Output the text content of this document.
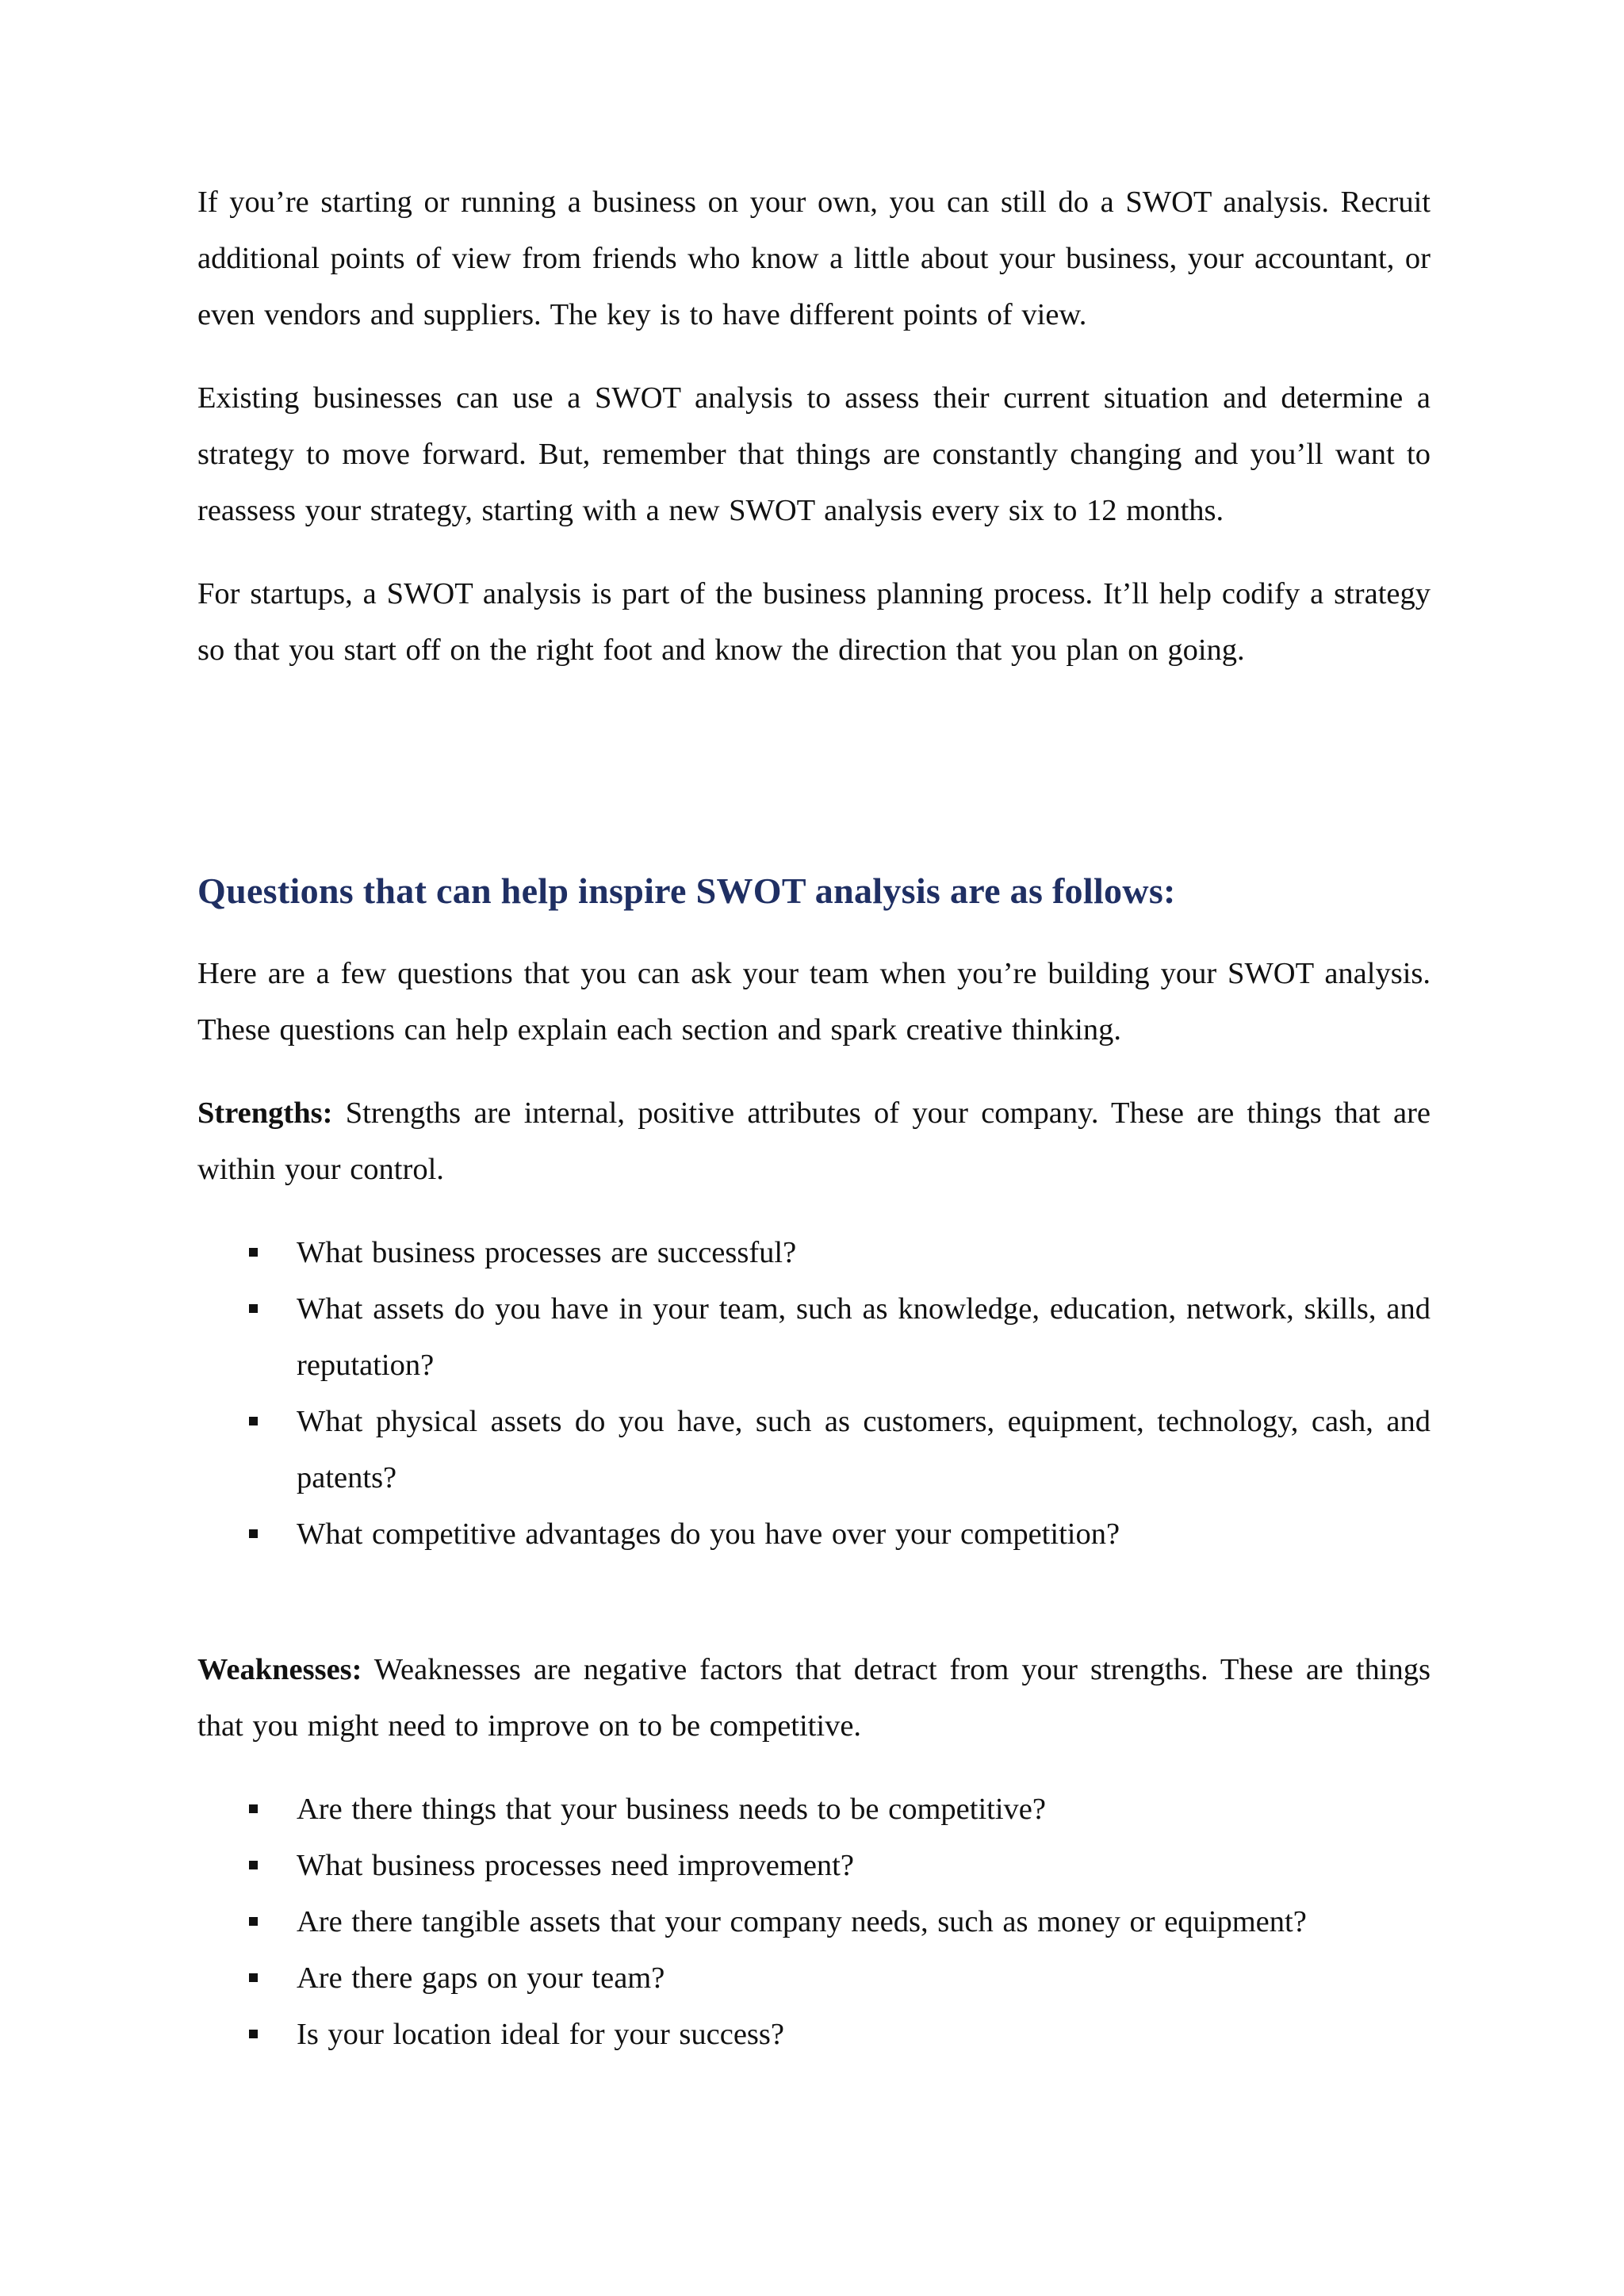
If you’re starting or running a business on your own, you can still do a SWOT analysis. Recruit additional points of view from friends who know a little about your business, your accountant, or even vendors and suppliers. The key is to have different points of view.

Existing businesses can use a SWOT analysis to assess their current situation and determine a strategy to move forward. But, remember that things are constantly changing and you’ll want to reassess your strategy, starting with a new SWOT analysis every six to 12 months.

For startups, a SWOT analysis is part of the business planning process. It’ll help codify a strategy so that you start off on the right foot and know the direction that you plan on going.

Questions that can help inspire SWOT analysis are as follows:

Here are a few questions that you can ask your team when you’re building your SWOT analysis. These questions can help explain each section and spark creative thinking.

Strengths: Strengths are internal, positive attributes of your company. These are things that are within your control.

What business processes are successful?
What assets do you have in your team, such as knowledge, education, network, skills, and reputation?
What physical assets do you have, such as customers, equipment, technology, cash, and patents?
What competitive advantages do you have over your competition?

Weaknesses: Weaknesses are negative factors that detract from your strengths. These are things that you might need to improve on to be competitive.

Are there things that your business needs to be competitive?
What business processes need improvement?
Are there tangible assets that your company needs, such as money or equipment?
Are there gaps on your team?
Is your location ideal for your success?
